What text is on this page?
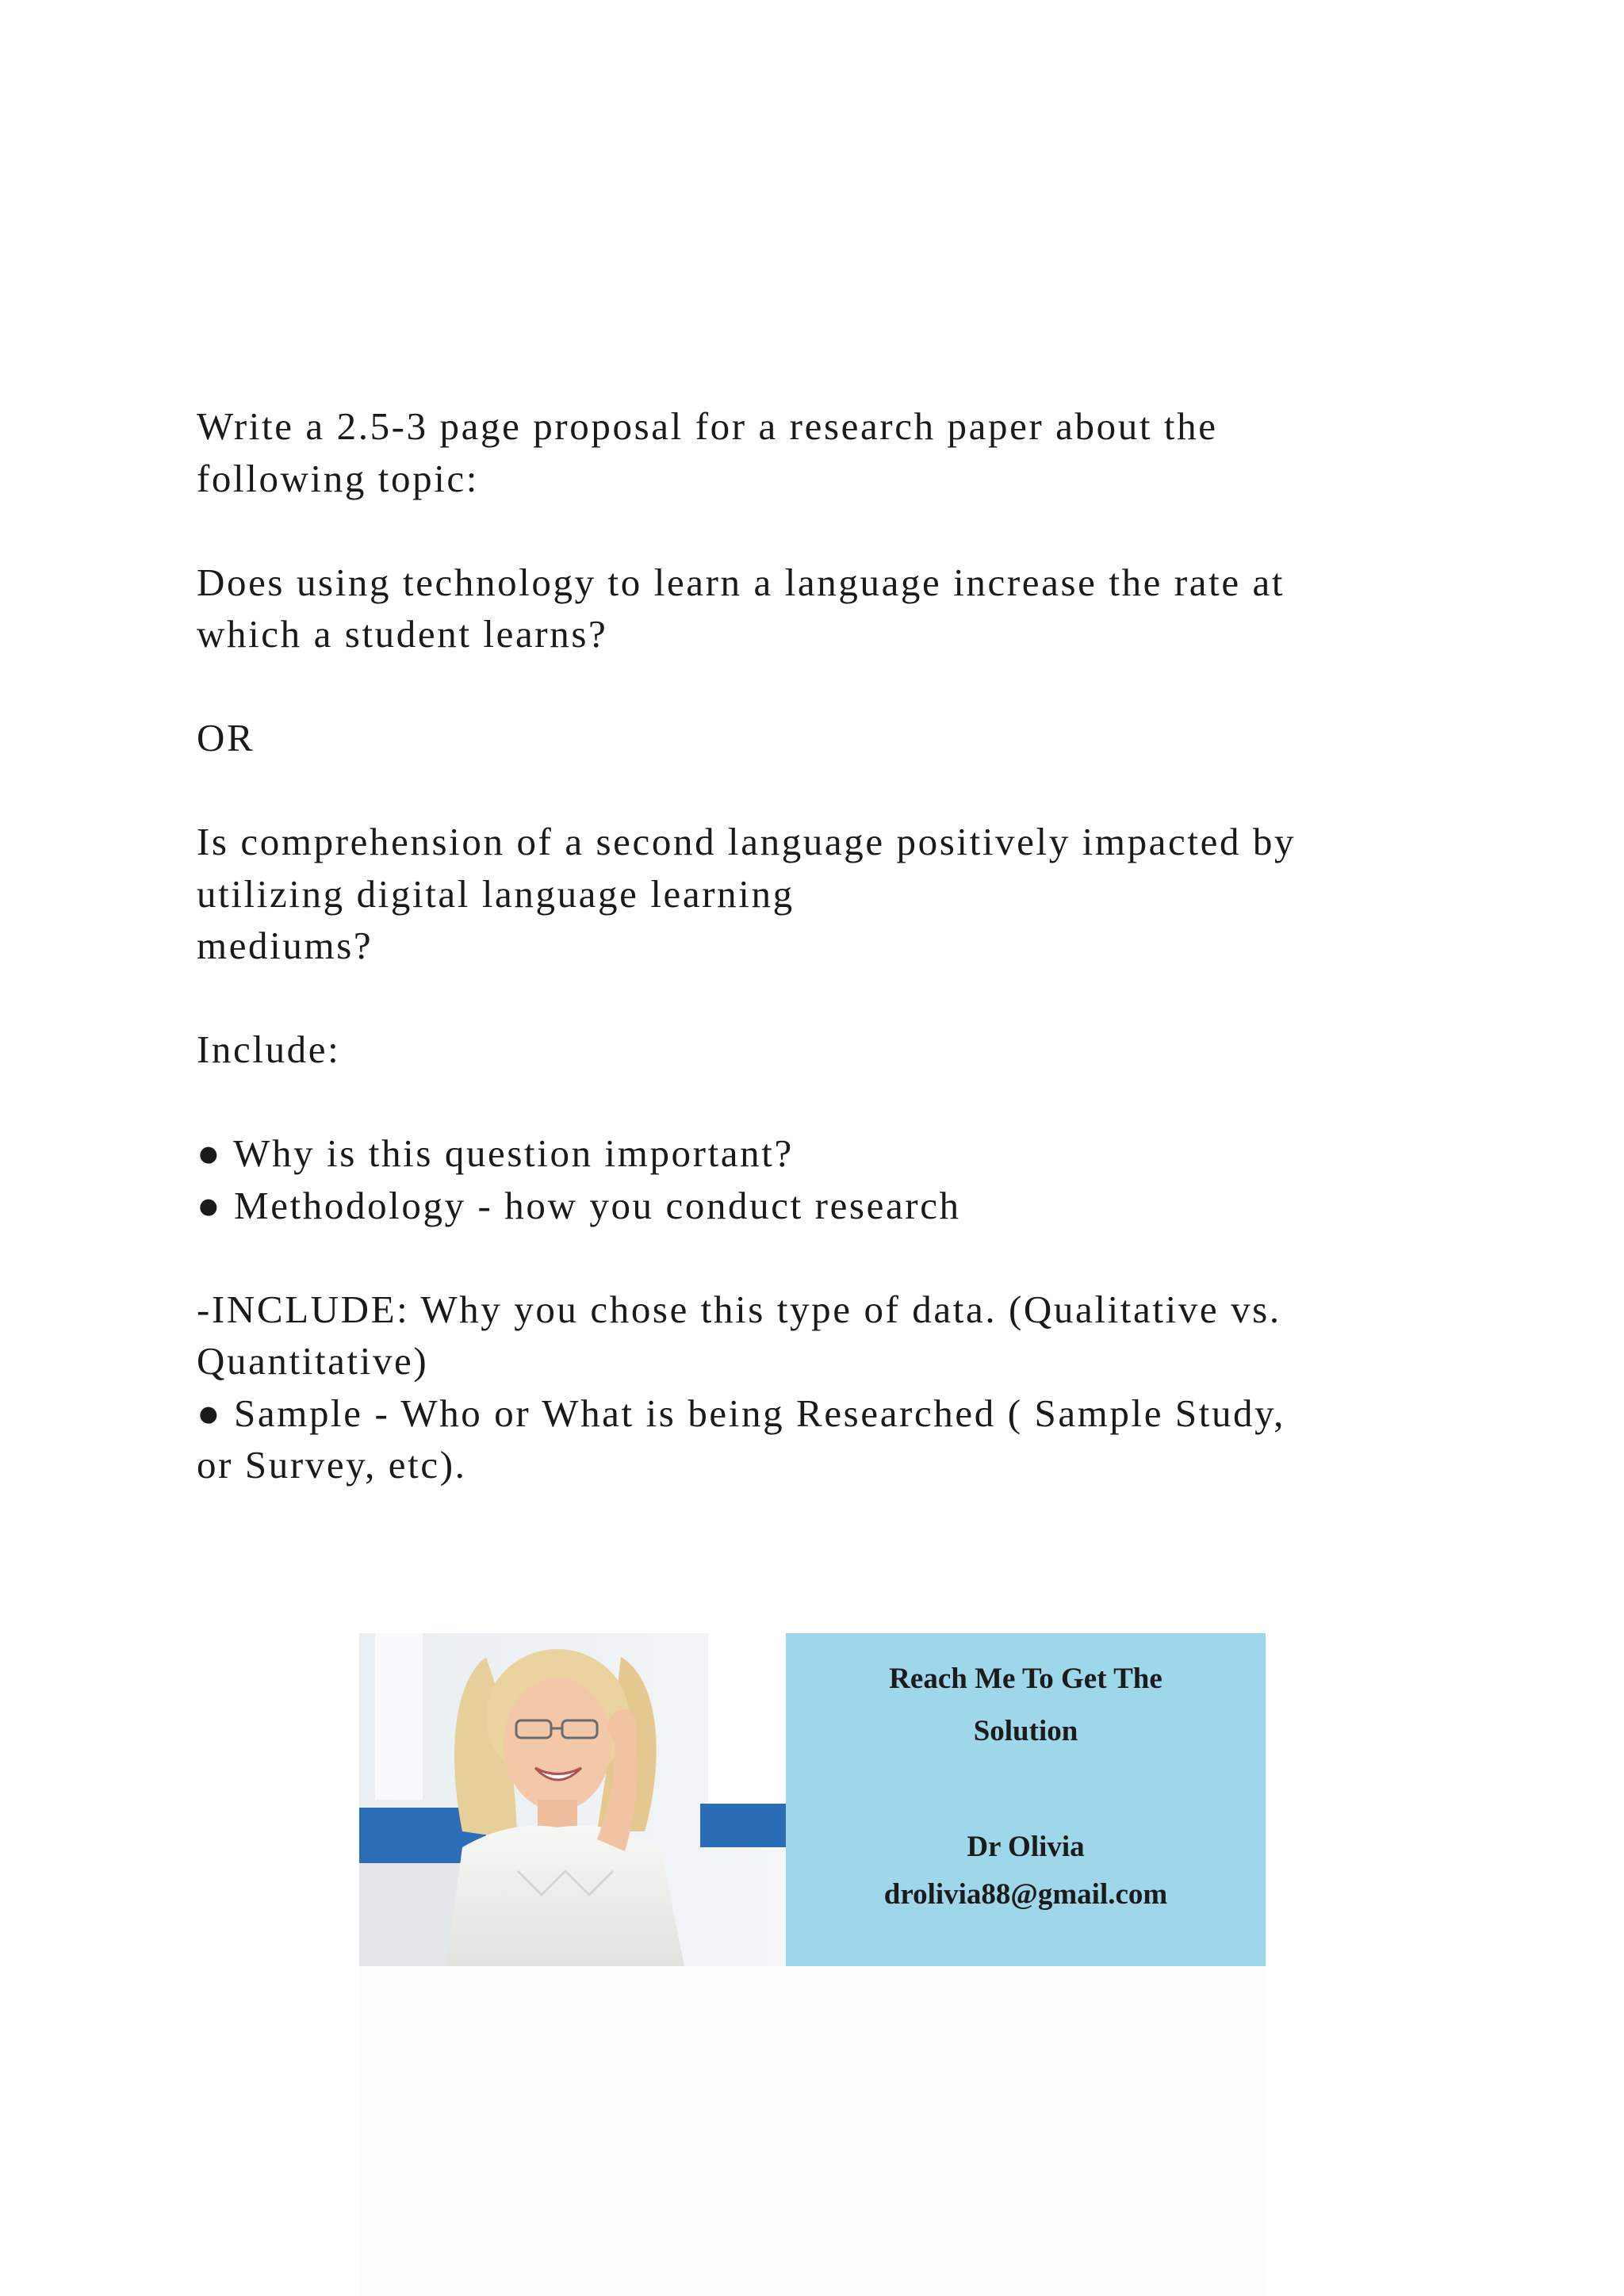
Write a 2.5-3 page proposal for a research paper about the
following topic:
Does using technology to learn a language increase the rate at
which a student learns?
OR
Is comprehension of a second language positively impacted by
utilizing digital language learning
mediums?
Include:
● Why is this question important?
● Methodology - how you conduct research
-INCLUDE: Why you chose this type of data. (Qualitative vs.
Quantitative)
● Sample - Who or What is being Researched ( Sample Study,
or Survey, etc).
Reach Me To Get The
Solution
Dr Olivia
drolivia88@gmail.com
